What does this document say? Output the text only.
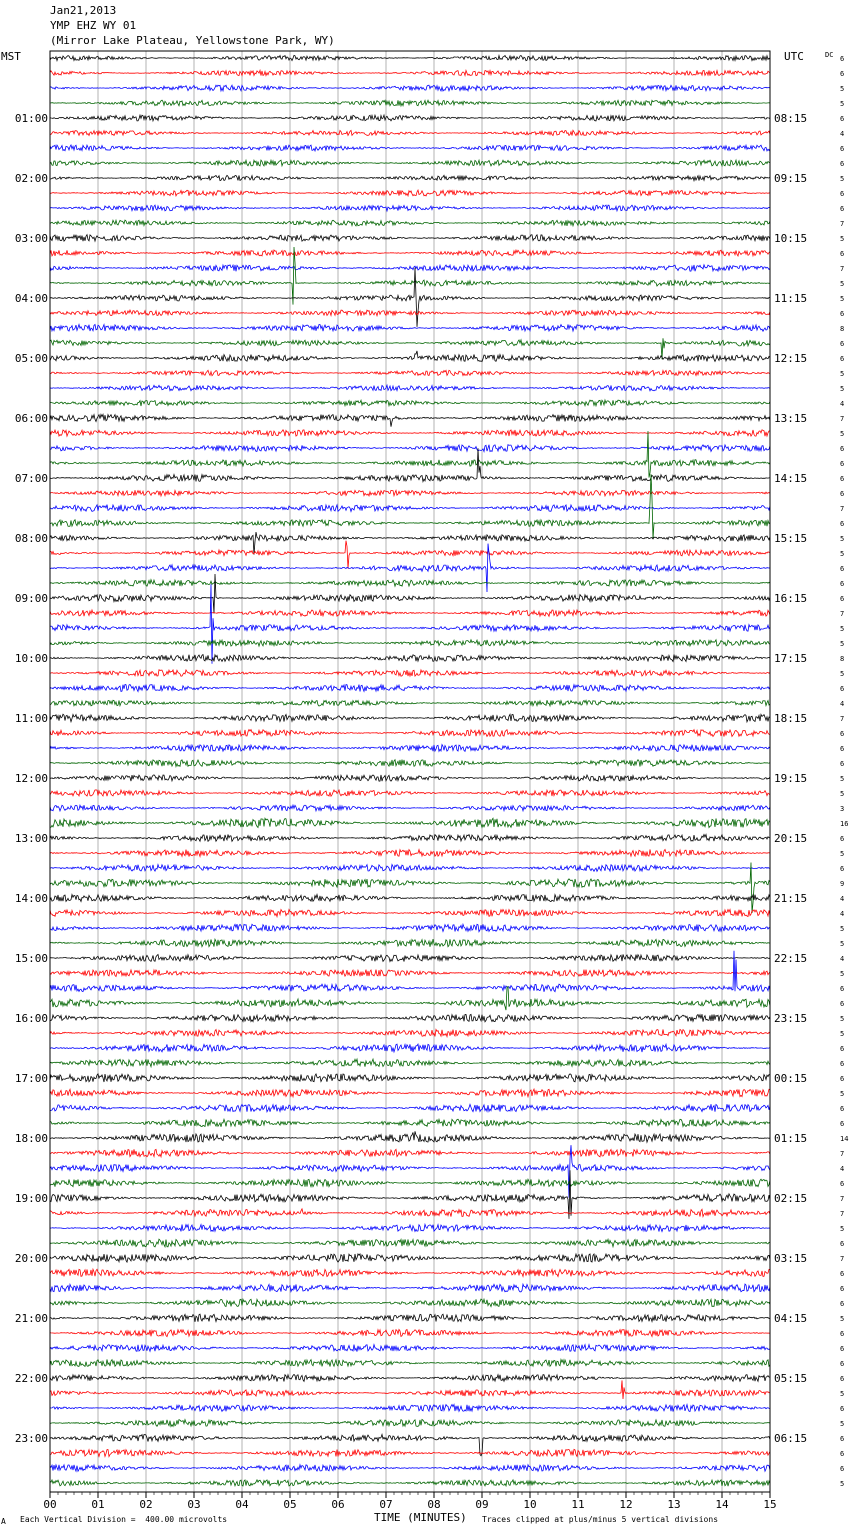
00	01	02	03	04	05	06	07	08	09	10	11	12	13	14	15
6
6
5
5
6
4
6
6
5
6
6
7
5
6
7
5
5
6
8
6
6
5
5
4
7
5
6
6
6
6
7
6
5
5
6
6
6
7
5
5
8
5
6
4
7
6
6
6
5
5
3
16
6
5
6
9
4
4
5
5
4
5
6
6
5
5
6
6
6
5
6
6
14
7
4
6
7
7
5
6
7
6
6
6
5
6
6
6
6
5
6
5
6
6
6
5
01:00	08:15
02:00	09:15
03:00	10:15
04:00	11:15
05:00	12:15
06:00	13:15
07:00	14:15
08:00	15:15
09:00	16:15
10:00	17:15
11:00	18:15
12:00	19:15
13:00	20:15
14:00	21:15
15:00	22:15
16:00	23:15
17:00	00:15
18:00	01:15
19:00	02:15
20:00	03:15
21:00	04:15
22:00	05:15
23:00	06:15
Jan21,2013
YMP EHZ WY 01
(Mirror Lake Plateau, Yellowstone Park, WY)
MST	UTC	DC
A Each Vertical Division =  400.00 microvolts	TIME (MINUTES) Traces clipped at plus/minus 5 vertical divisions
